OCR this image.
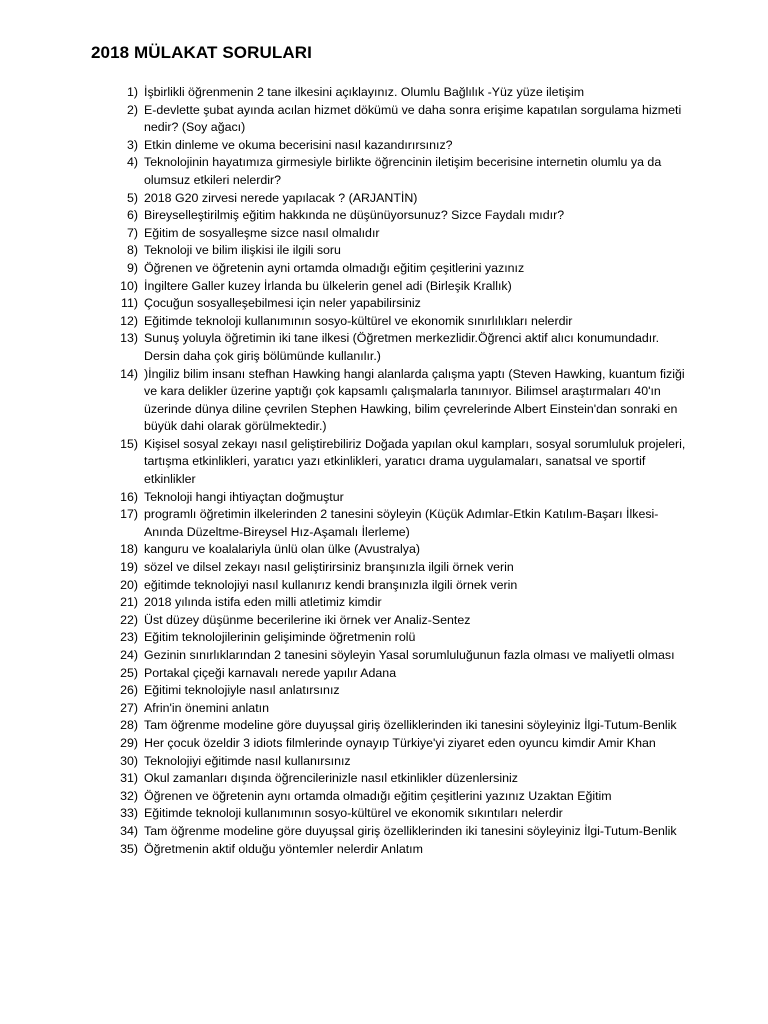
2018 MÜLAKAT SORULARI
1) İşbirlikli öğrenmenin 2 tane ilkesini açıklayınız. Olumlu Bağlılık -Yüz yüze iletişim
2) E-devlette şubat ayında acılan hizmet dökümü ve daha sonra erişime kapatılan sorgulama hizmeti nedir? (Soy ağacı)
3) Etkin dinleme ve okuma becerisini nasıl kazandırırsınız?
4) Teknolojinin hayatımıza girmesiyle birlikte öğrencinin iletişim becerisine internetin olumlu ya da olumsuz etkileri nelerdir?
5) 2018 G20 zirvesi nerede yapılacak ? (ARJANTİN)
6) Bireyselleştirilmiş eğitim hakkında ne düşünüyorsunuz? Sizce Faydalı mıdır?
7) Eğitim de sosyalleşme sizce nasıl olmalıdır
8) Teknoloji ve bilim ilişkisi ile ilgili soru
9) Öğrenen ve öğretenin ayni ortamda olmadığı eğitim çeşitlerini yazınız
10) İngiltere Galler kuzey İrlanda bu ülkelerin genel adi (Birleşik Krallık)
11) Çocuğun sosyalleşebilmesi için neler yapabilirsiniz
12) Eğitimde teknoloji kullanımının sosyo-kültürel ve ekonomik sınırlılıkları nelerdir
13) Sunuş yoluyla öğretimin iki tane ilkesi (Öğretmen merkezlidir.Öğrenci aktif alıcı konumundadır. Dersin daha çok giriş bölümünde kullanılır.)
14) )İngiliz bilim insanı stefhan Hawking hangi alanlarda çalışma yaptı (Steven Hawking, kuantum fiziği ve kara delikler üzerine yaptığı çok kapsamlı çalışmalarla tanınıyor. Bilimsel araştırmaları 40'ın üzerinde dünya diline çevrilen Stephen Hawking, bilim çevrelerinde Albert Einstein'dan sonraki en büyük dahi olarak görülmektedir.)
15) Kişisel sosyal zekayı nasıl geliştirebiliriz Doğada yapılan okul kampları, sosyal sorumluluk projeleri, tartışma etkinlikleri, yaratıcı yazı etkinlikleri, yaratıcı drama uygulamaları, sanatsal ve sportif etkinlikler
16) Teknoloji hangi ihtiyaçtan doğmuştur
17) programlı öğretimin ilkelerinden 2 tanesini söyleyin (Küçük Adımlar-Etkin Katılım-Başarı İlkesi-Anında Düzeltme-Bireysel Hız-Aşamalı İlerleme)
18) kanguru ve koalalariyla ünlü olan ülke (Avustralya)
19) sözel ve dilsel zekayı nasıl geliştirirsiniz branşınızla ilgili örnek verin
20) eğitimde teknolojiyi nasıl kullanırız kendi branşınızla ilgili örnek verin
21) 2018 yılında istifa eden milli atletimiz kimdir
22) Üst düzey düşünme becerilerine iki örnek ver Analiz-Sentez
23) Eğitim teknolojilerinin gelişiminde öğretmenin rolü
24) Gezinin sınırlıklarından 2 tanesini söyleyin Yasal sorumluluğunun fazla olması ve maliyetli olması
25) Portakal çiçeği karnavalı nerede yapılır Adana
26) Eğitimi teknolojiyle nasıl anlatırsınız
27) Afrin'in önemini anlatın
28) Tam öğrenme modeline göre duyuşsal giriş özelliklerinden iki tanesini söyleyiniz İlgi-Tutum-Benlik
29) Her çocuk özeldir 3 idiots filmlerinde oynayıp Türkiye'yi ziyaret eden oyuncu kimdir Amir Khan
30) Teknolojiyi eğitimde nasıl kullanırsınız
31) Okul zamanları dışında öğrencilerinizle nasıl etkinlikler düzenlersiniz
32) Öğrenen ve öğretenin aynı ortamda olmadığı eğitim çeşitlerini yazınız Uzaktan Eğitim
33) Eğitimde teknoloji kullanımının sosyo-kültürel ve ekonomik sıkıntıları nelerdir
34) Tam öğrenme modeline göre duyuşsal giriş özelliklerinden iki tanesini söyleyiniz İlgi-Tutum-Benlik
35) Öğretmenin aktif olduğu yöntemler nelerdir Anlatım
